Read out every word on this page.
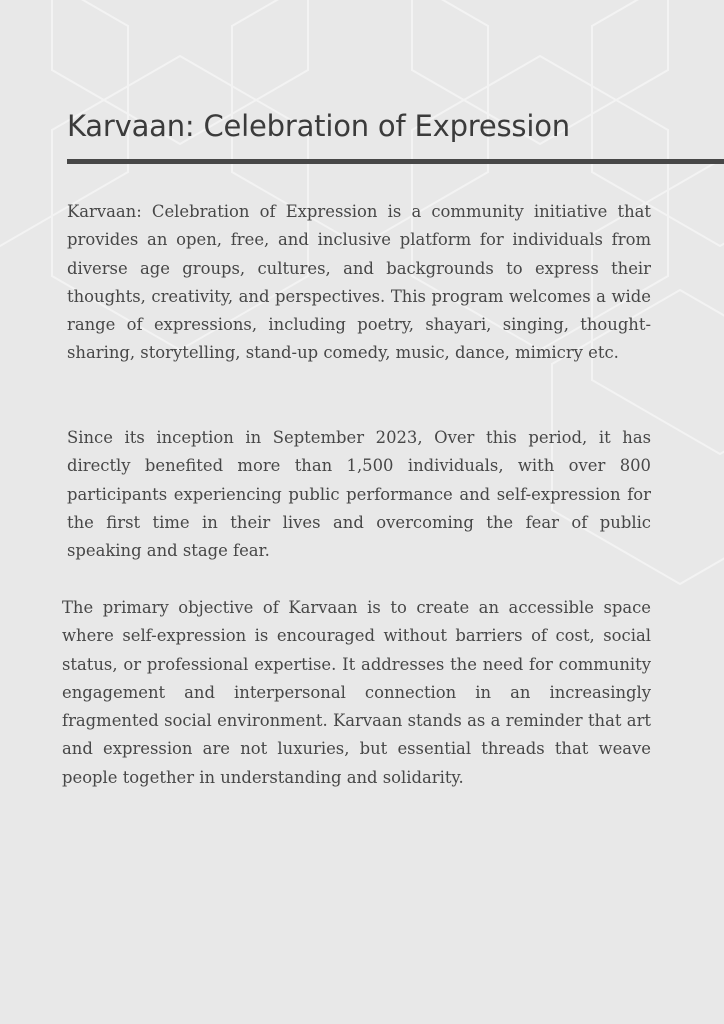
Karvaan: Celebration of Expression

Karvaan: Celebration of Expression is a community initiative that provides an open, free, and inclusive platform for individuals from diverse age groups, cultures, and backgrounds to express their thoughts, creativity, and perspectives. This program welcomes a wide range of expressions, including poetry, shayari, singing, thought-sharing, storytelling, stand-up comedy, music, dance, mimicry etc.

Since its inception in September 2023, Over this period, it has directly benefited more than 1,500 individuals, with over 800 participants experiencing public performance and self-expression for the first time in their lives and overcoming the fear of public speaking and stage fear.

The primary objective of Karvaan is to create an accessible space where self-expression is encouraged without barriers of cost, social status, or professional expertise. It addresses the need for community engagement and interpersonal connection in an increasingly fragmented social environment. Karvaan stands as a reminder that art and expression are not luxuries, but essential threads that weave people together in understanding and solidarity.
